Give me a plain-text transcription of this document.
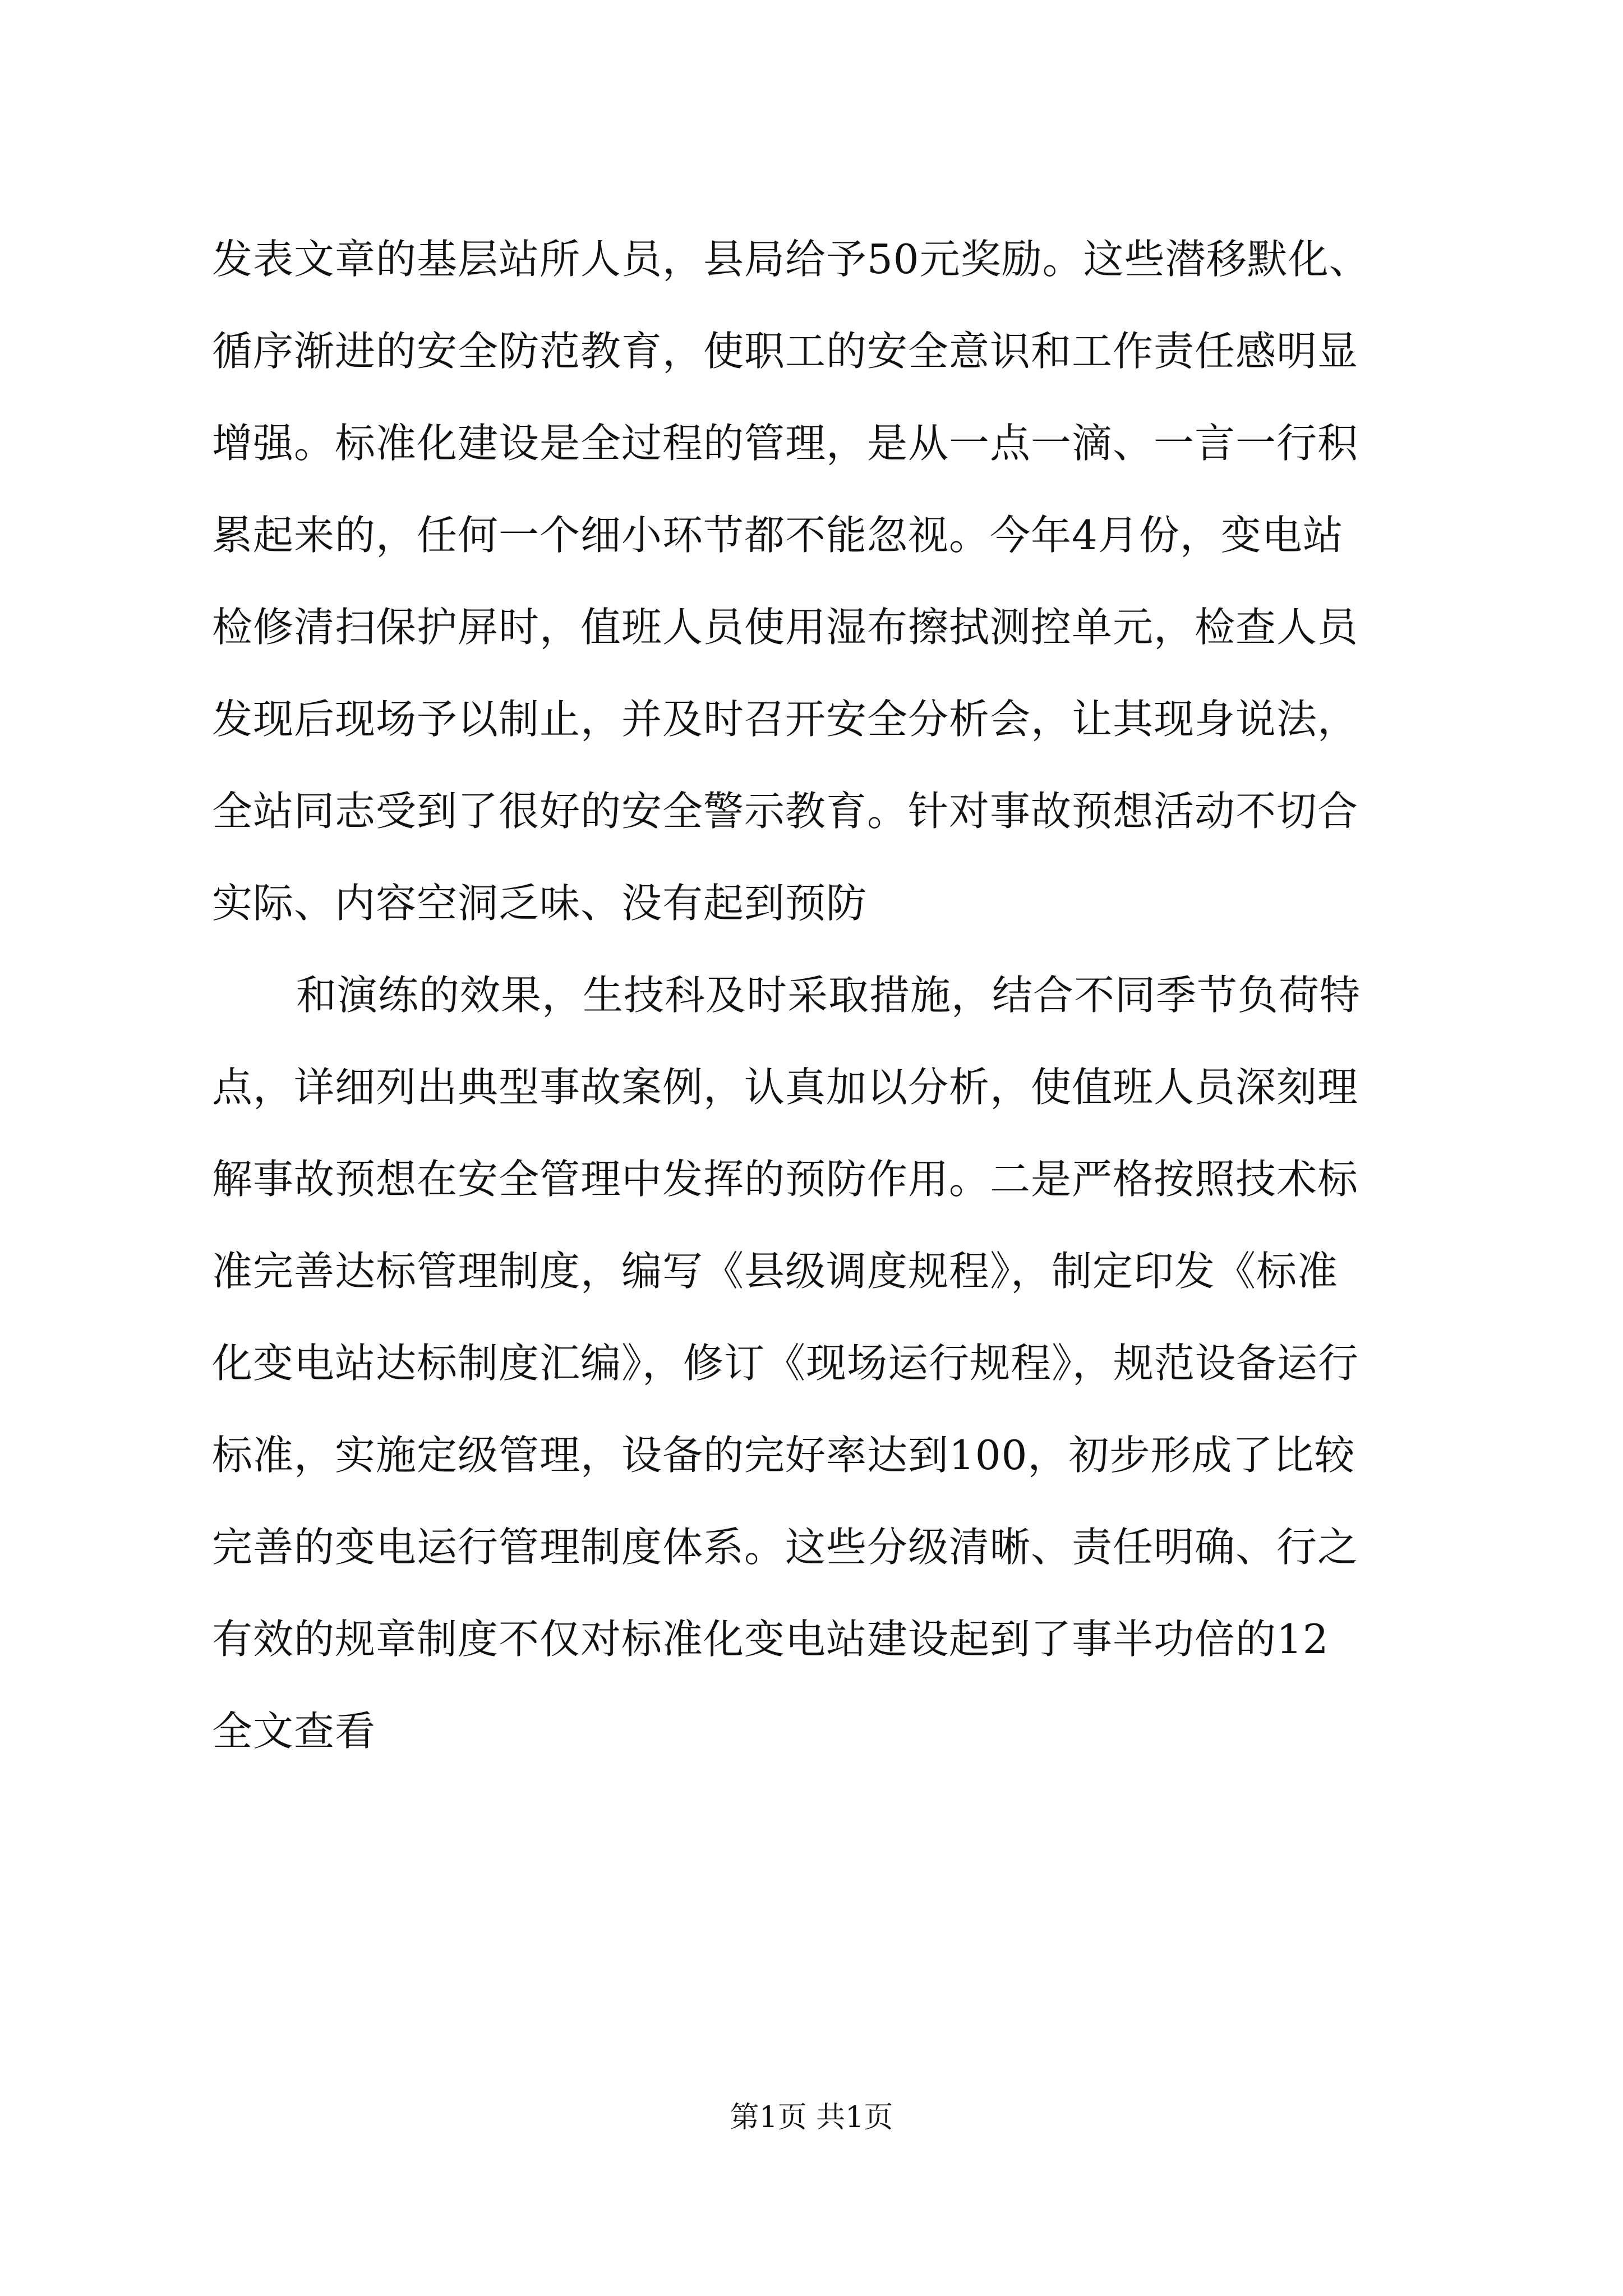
发表文章的基层站所人员，县局给予50元奖励。这些潜移默化、
循序渐进的安全防范教育，使职工的安全意识和工作责任感明显
增强。标准化建设是全过程的管理，是从一点一滴、一言一行积
累起来的，任何一个细小环节都不能忽视。今年4月份，变电站
检修清扫保护屏时，值班人员使用湿布擦拭测控单元，检查人员
发现后现场予以制止，并及时召开安全分析会，让其现身说法，
全站同志受到了很好的安全警示教育。针对事故预想活动不切合
实际、内容空洞乏味、没有起到预防
和演练的效果，生技科及时采取措施，结合不同季节负荷特
点，详细列出典型事故案例，认真加以分析，使值班人员深刻理
解事故预想在安全管理中发挥的预防作用。二是严格按照技术标
准完善达标管理制度，编写《县级调度规程》，制定印发《标准
化变电站达标制度汇编》，修订《现场运行规程》，规范设备运行
标准，实施定级管理，设备的完好率达到100，初步形成了比较
完善的变电运行管理制度体系。这些分级清晰、责任明确、行之
有效的规章制度不仅对标准化变电站建设起到了事半功倍的12
全文查看
第1页 共1页
